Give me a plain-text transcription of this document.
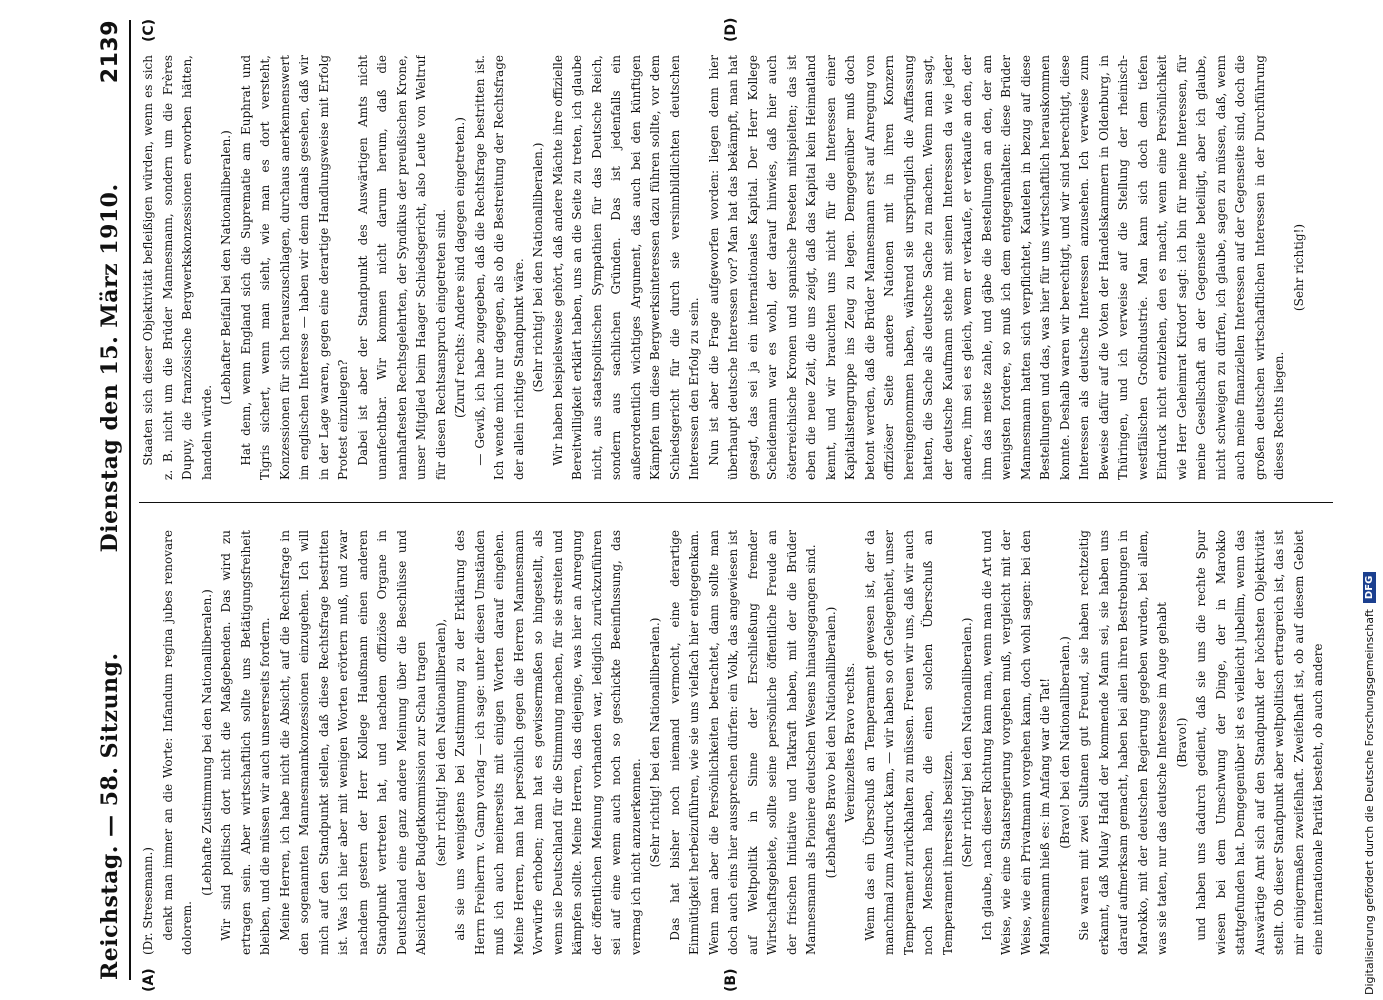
Reichstag. — 58. Sitzung.
Dienstag den 15. März 1910.
2139
(A)	(B)
(C)	(D)

(Dr. Stresemann.) denkt man immer an die Worte: Infandum regina jubes renovare dolorem.

(Lebhafte Zustimmung bei den Nationalliberalen.) Wir sind politisch dort nicht die Maßgebenden. Das wird zu ertragen sein. Aber wirtschaftlich sollte uns Betätigungsfreiheit bleiben, und die müssen wir auch unsererseits fordern. Meine Herren, ich habe nicht die Absicht, auf die Rechtsfrage in den sogenannten Mannesmannkonzessionen einzugehen. Ich will mich auf den Standpunkt stellen, daß diese Rechtsfrage bestritten ist. Was ich hier aber mit wenigen Worten erörtern muß, und zwar nachdem gestern der Herr Kollege Haußmann einen anderen Standpunkt vertreten hat, und nachdem offiziöse Organe in Deutschland eine ganz andere Meinung über die Beschlüsse und Absichten der Budgetkommission zur Schau tragen (sehr richtig! bei den Nationalliberalen), als sie uns wenigstens bei Zustimmung zu der Erklärung des Herrn Freiherrn v. Gamp vorlag — ich sage: unter diesen Umständen muß ich auch meinerseits mit einigen Worten darauf eingehen. Meine Herren, man hat persönlich gegen die Herren Mannesmann Vorwürfe erhoben; man hat es gewissermaßen so hingestellt, als wenn sie Deutschland für die Stimmung machen, für sie streiten und kämpfen sollte. Meine Herren, das diejenige, was hier an Anregung der öffentlichen Meinung vorhanden war, lediglich zurückzuführen sei auf eine wenn auch noch so geschickte Beeinflussung, das vermag ich nicht anzuerkennen. (Sehr richtig! bei den Nationalliberalen.) Das hat bisher noch niemand vermocht, eine derartige Einmütigkeit herbeizuführen, wie sie uns vielfach hier entgegenkam. Wenn man aber die Persönlichkeiten betrachtet, dann sollte man doch auch eins hier aussprechen dürfen: ein Volk, das angewiesen ist auf Weltpolitik in Sinne der Erschließung fremder Wirtschaftsgebiete, sollte seine persönliche öffentliche Freude an der frischen Initiative und Tatkraft haben, mit der die Brüder Mannesmann als Pioniere deutschen Wesens hinausgegangen sind. (Lebhaftes Bravo bei den Nationalliberalen.) Vereinzeltes Bravo rechts. Wenn das ein Überschuß an Temperament gewesen ist, der da manchmal zum Ausdruck kam, — wir haben so oft Gelegenheit, unser Temperament zurückhalten zu müssen. Freuen wir uns, daß wir auch noch Menschen haben, die einen solchen Überschuß an Temperament ihrerseits besitzen. (Sehr richtig! bei den Nationalliberalen.) Ich glaube, nach dieser Richtung kann man, wenn man die Art und Weise, wie eine Staatsregierung vorgehen muß, vergleicht mit der Weise, wie ein Privatmann vorgehen kann, doch wohl sagen: bei den Mannesmann hieß es: im Anfang war die Tat! (Bravo! bei den Nationalliberalen.) Sie waren mit zwei Sultanen gut Freund, sie haben rechtzeitig erkannt, daß Mulay Hafid der kommende Mann sei, sie haben uns darauf aufmerksam gemacht, haben bei allen ihren Bestrebungen in Marokko, mit der deutschen Regierung gegeben wurden, bei allem, was sie taten, nur das deutsche Interesse im Auge gehabt (Bravo!) und haben uns dadurch gedient, daß sie uns die rechte Spur wiesen bei dem Umschwung der Dinge, der in Marokko stattgefunden hat. Demgegenüber ist es vielleicht jubelim, wenn das Auswärtige Amt sich auf den Standpunkt der höchsten Objektivität stellt. Ob dieser Standpunkt aber weltpolitisch ertragreich ist, das ist mir einigermaßen zweifelhaft. Zweifelhaft ist, ob auf diesem Gebiet eine internationale Parität besteht, ob auch andere

Staaten sich dieser Objektivität befleißigen würden, wenn es sich z. B. nicht um die Brüder Mannesmann, sondern um die Frères Dupuy, die französische Bergwerkskonzessionen erworben hätten, handeln würde.

(Lebhafter Beifall bei den Nationalliberalen.) Hat denn, wenn England sich die Suprematie am Euphrat und Tigris sichert, wenn man sieht, wie man es dort versteht, Konzessionen für sich herauszuschlagen, durchaus anerkennenswert im englischen Interesse — haben wir denn damals gesehen, daß wir in der Lage waren, gegen eine derartige Handlungsweise mit Erfolg Protest einzulegen? Dabei ist aber der Standpunkt des Auswärtigen Amts nicht unanfechtbar. Wir kommen nicht darum herum, daß die namhaftesten Rechtsgelehrten, der Syndikus der preußischen Krone, unser Mitglied beim Haager Schiedsgericht, also Leute von Weltruf für diesen Rechtsanspruch eingetreten sind. (Zuruf rechts: Andere sind dagegen eingetreten.) — Gewiß, ich habe zugegeben, daß die Rechtsfrage bestritten ist. Ich wende mich nur dagegen, als ob die Bestreitung der Rechtsfrage der allein richtige Standpunkt wäre. (Sehr richtig! bei den Nationalliberalen.) Wir haben beispielsweise gehört, daß andere Mächte ihre offizielle Bereitwilligkeit erklärt haben, uns an die Seite zu treten, ich glaube nicht, aus staatspolitischen Sympathien für das Deutsche Reich, sondern aus sachlichen Gründen. Das ist jedenfalls ein außerordentlich wichtiges Argument, das auch bei den künftigen Kämpfen um diese Bergwerksinteressen dazu führen sollte, vor dem Schiedsgericht für die durch sie versinnbildlichten deutschen Interessen den Erfolg zu sein. Nun ist aber die Frage aufgeworfen worden: liegen denn hier überhaupt deutsche Interessen vor? Man hat das bekämpft, man hat gesagt, das sei ja ein internationales Kapital. Der Herr Kollege Scheidemann war es wohl, der darauf hinwies, daß hier auch österreichische Kronen und spanische Peseten mitspielten; das ist eben die neue Zeit, die uns zeigt, daß das Kapital kein Heimatland kennt, und wir brauchten uns nicht für die Interessen einer Kapitalistengruppe ins Zeug zu legen. Demgegenüber muß doch betont werden, daß die Brüder Mannesmann erst auf Anregung von offiziöser Seite andere Nationen mit in ihren Konzern hereingenommen haben, während sie ursprünglich die Auffassung hatten, die Sache als deutsche Sache zu machen. Wenn man sagt, der deutsche Kaufmann stehe mit seinen Interessen da wie jeder andere, ihm sei es gleich, wem er verkaufe, er verkaufe an den, der ihm das meiste zahle, und gäbe die Bestellungen an den, der am wenigsten fordere, so muß ich dem entgegenhalten: diese Brüder Mannesmann hatten sich verpflichtet, Kautelen in bezug auf diese Bestellungen und das, was hier für uns wirtschaftlich herauskommen konnte. Deshalb waren wir berechtigt, und wir sind berechtigt, diese Interessen als deutsche Interessen anzusehen. Ich verweise zum Beweise dafür auf die Voten der Handelskammern in Oldenburg, in Thüringen, und ich verweise auf die Stellung der rheinisch-westfälischen Großindustrie. Man kann sich doch dem tiefen Eindruck nicht entziehen, den es macht, wenn eine Persönlichkeit wie Herr Geheimrat Kirdorf sagt: ich bin für meine Interessen, für meine Gesellschaft an der Gegenseite beteiligt, aber ich glaube, nicht schweigen zu dürfen, ich glaube, sagen zu müssen, daß, wenn auch meine finanziellen Interessen auf der Gegenseite sind, doch die großen deutschen wirtschaftlichen Interessen in der Durchführung dieses Rechts liegen.

(Sehr richtig!)

Digitalisierung gefördert durch die Deutsche Forschungsgemeinschaft
DFG
